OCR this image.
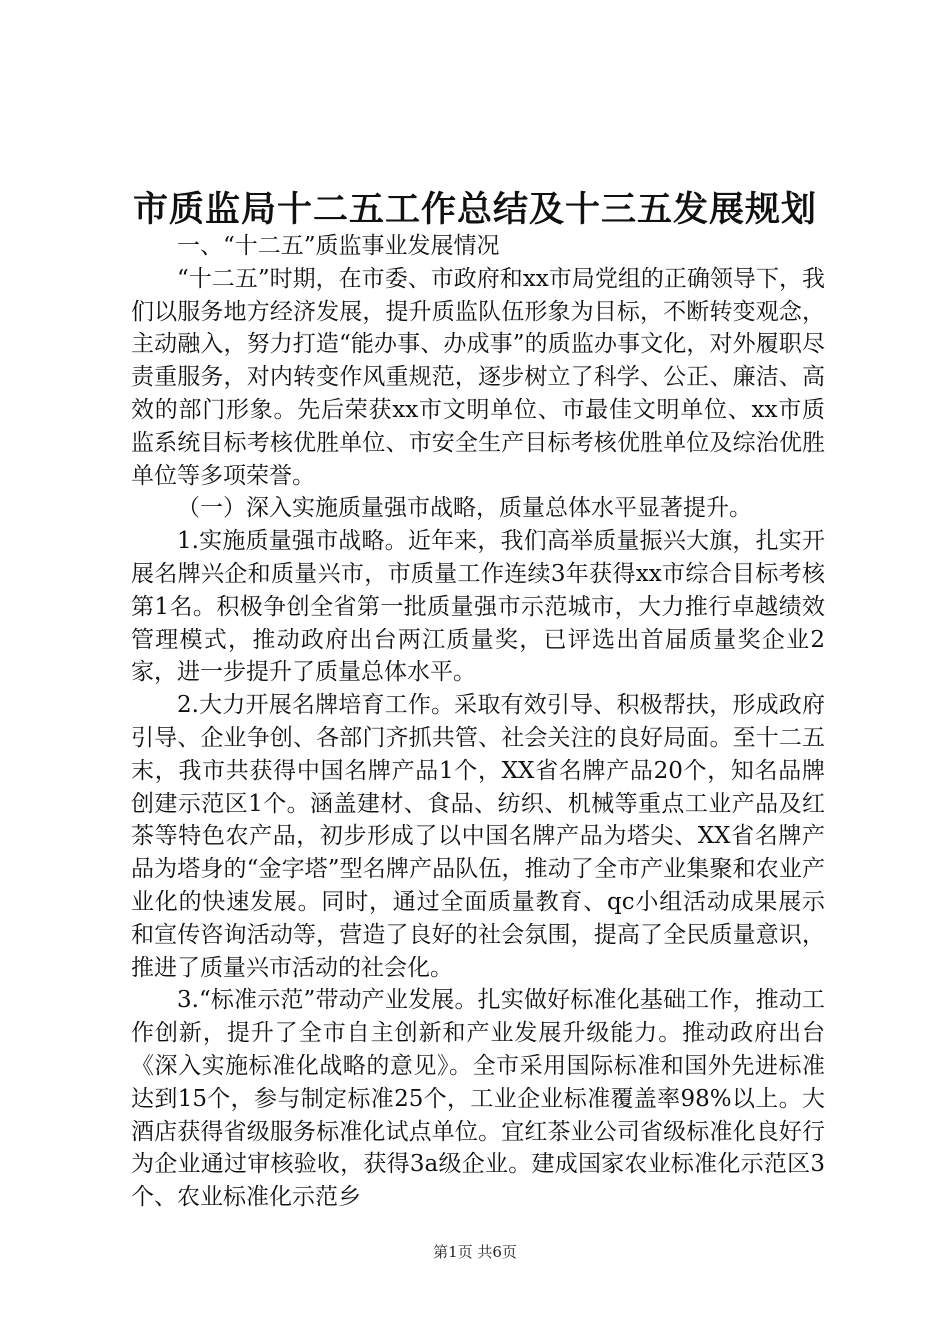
市质监局十二五工作总结及十三五发展规划

一、“十二五”质监事业发展情况

“十二五”时期，在市委、市政府和xx市局党组的正确领导下，我们以服务地方经济发展，提升质监队伍形象为目标，不断转变观念，主动融入，努力打造“能办事、办成事”的质监办事文化，对外履职尽责重服务，对内转变作风重规范，逐步树立了科学、公正、廉洁、高效的部门形象。先后荣获xx市文明单位、市最佳文明单位、xx市质监系统目标考核优胜单位、市安全生产目标考核优胜单位及综治优胜单位等多项荣誉。

（一）深入实施质量强市战略，质量总体水平显著提升。

1.实施质量强市战略。近年来，我们高举质量振兴大旗，扎实开展名牌兴企和质量兴市，市质量工作连续3年获得xx市综合目标考核第1名。积极争创全省第一批质量强市示范城市，大力推行卓越绩效管理模式，推动政府出台两江质量奖，已评选出首届质量奖企业2家，进一步提升了质量总体水平。

2.大力开展名牌培育工作。采取有效引导、积极帮扶，形成政府引导、企业争创、各部门齐抓共管、社会关注的良好局面。至十二五末，我市共获得中国名牌产品1个，XX省名牌产品20个，知名品牌创建示范区1个。涵盖建材、食品、纺织、机械等重点工业产品及红茶等特色农产品，初步形成了以中国名牌产品为塔尖、XX省名牌产品为塔身的“金字塔”型名牌产品队伍，推动了全市产业集聚和农业产业化的快速发展。同时，通过全面质量教育、qc小组活动成果展示和宣传咨询活动等，营造了良好的社会氛围，提高了全民质量意识，推进了质量兴市活动的社会化。

3.“标准示范”带动产业发展。扎实做好标准化基础工作，推动工作创新，提升了全市自主创新和产业发展升级能力。推动政府出台《深入实施标准化战略的意见》。全市采用国际标准和国外先进标准达到15个，参与制定标准25个，工业企业标准覆盖率98%以上。大酒店获得省级服务标准化试点单位。宜红茶业公司省级标准化良好行为企业通过审核验收，获得3a级企业。建成国家农业标准化示范区3个、农业标准化示范乡

第1页 共6页
